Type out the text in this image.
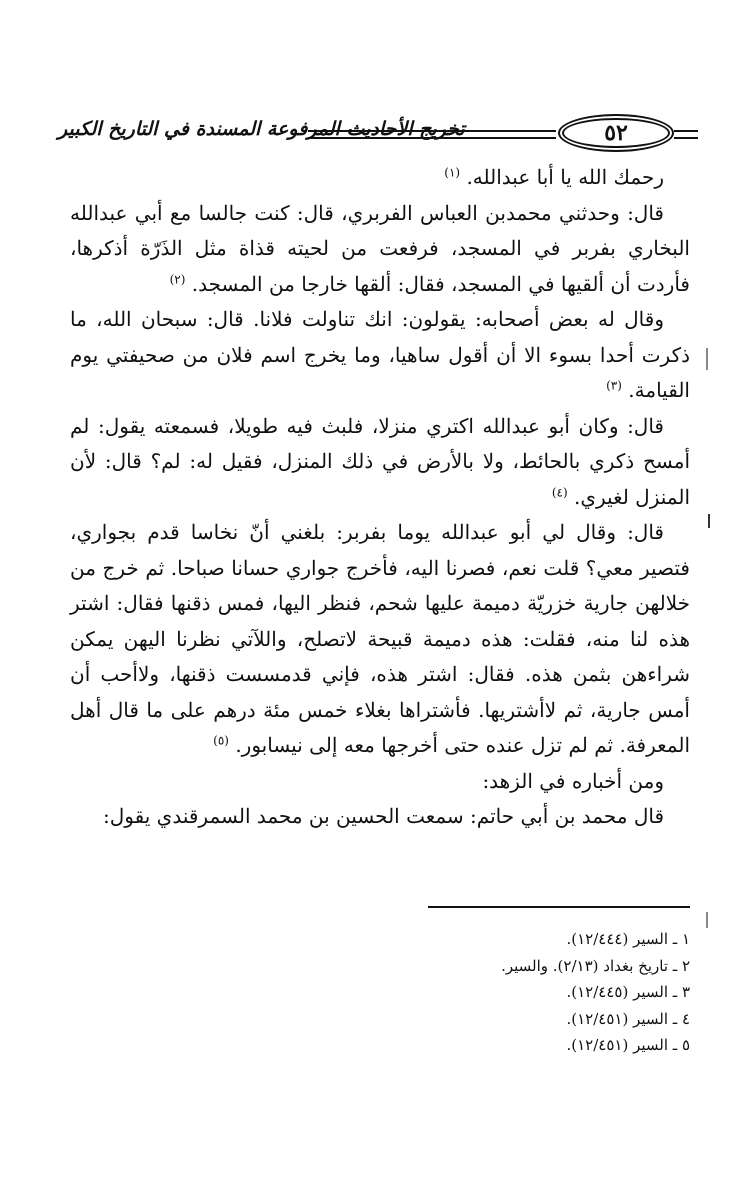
تخريج الأحاديث المرفوعة المسندة في التاريخ الكبير	٥٢

رحمك الله يا أبا عبدالله. $^{(١)}$

قال: وحدثني محمدبن العباس الفربري، قال: كنت جالسا مع أبي عبدالله البخاري بفربر في المسجد، فرفعت من لحيته قذاة مثل الذَرّة أذكرها، فأردت أن ألقيها في المسجد، فقال: ألقها خارجا من المسجد. $^{(٢)}$

وقال له بعض أصحابه: يقولون: انك تناولت فلانا. قال: سبحان الله، ما ذكرت أحدا بسوء الا أن أقول ساهيا، وما يخرج اسم فلان من صحيفتي يوم القيامة. $^{(٣)}$

قال: وكان أبو عبدالله اكتري منزلا، فلبث فيه طويلا، فسمعته يقول: لم أمسح ذكري بالحائط، ولا بالأرض في ذلك المنزل، فقيل له: لم؟ قال: لأن المنزل لغيري. $^{(٤)}$

قال: وقال لي أبو عبدالله يوما بفربر: بلغني أنّ نخاسا قدم بجواري، فتصير معي؟ قلت نعم، فصرنا اليه، فأخرج جواري حسانا صباحا. ثم خرج من خلالهن جارية خزريّة دميمة عليها شحم، فنظر اليها، فمس ذقنها فقال: اشتر هذه لنا منه، فقلت: هذه دميمة قبيحة لاتصلح، واللآتي نظرنا اليهن يمكن شراءهن بثمن هذه. فقال: اشتر هذه، فإني قدمسست ذقنها، ولاأحب أن أمس جارية، ثم لاأشتريها. فأشتراها بغلاء خمس مئة درهم على ما قال أهل المعرفة. ثم لم تزل عنده حتى أخرجها معه إلى نيسابور. $^{(٥)}$

ومن أخباره في الزهد:

قال محمد بن أبي حاتم: سمعت الحسين بن محمد السمرقندي يقول:

١ ـ السير (١٢/٤٤٤).
٢ ـ تاريخ بغداد (٢/١٣). والسير.
٣ ـ السير (١٢/٤٤٥).
٤ ـ السير (١٢/٤٥١).
٥ ـ السير (١٢/٤٥١).
